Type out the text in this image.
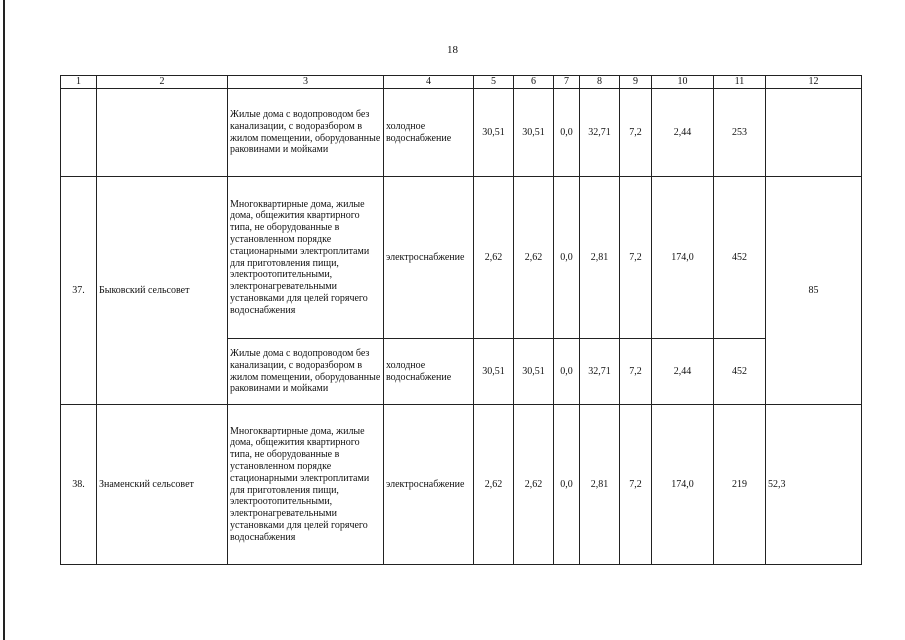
18
1	2	3	4	5	6	7	8	9	10	11	12
		Жилые дома с водопроводом без канализации, с водоразбором в жилом помещении, оборудованные раковинами и мойками	холодное водоснабжение	30,51	30,51	0,0	32,71	7,2	2,44	253	
37.	Быковский сельсовет	Многоквартирные дома, жилые дома, общежития квартирного типа, не оборудованные в установленном порядке стационарными электроплитами для приготовления пищи, электроотопительными, электронагревательными установками для целей горячего водоснабжения	электроснабжение	2,62	2,62	0,0	2,81	7,2	174,0	452	85
		Жилые дома с водопроводом без канализации, с водоразбором в жилом помещении, оборудованные раковинами и мойками	холодное водоснабжение	30,51	30,51	0,0	32,71	7,2	2,44	452	
38.	Знаменский сельсовет	Многоквартирные дома, жилые дома, общежития квартирного типа, не оборудованные в установленном порядке стационарными электроплитами для приготовления пищи, электроотопительными, электронагревательными установками для целей горячего водоснабжения	электроснабжение	2,62	2,62	0,0	2,81	7,2	174,0	219	52,3
